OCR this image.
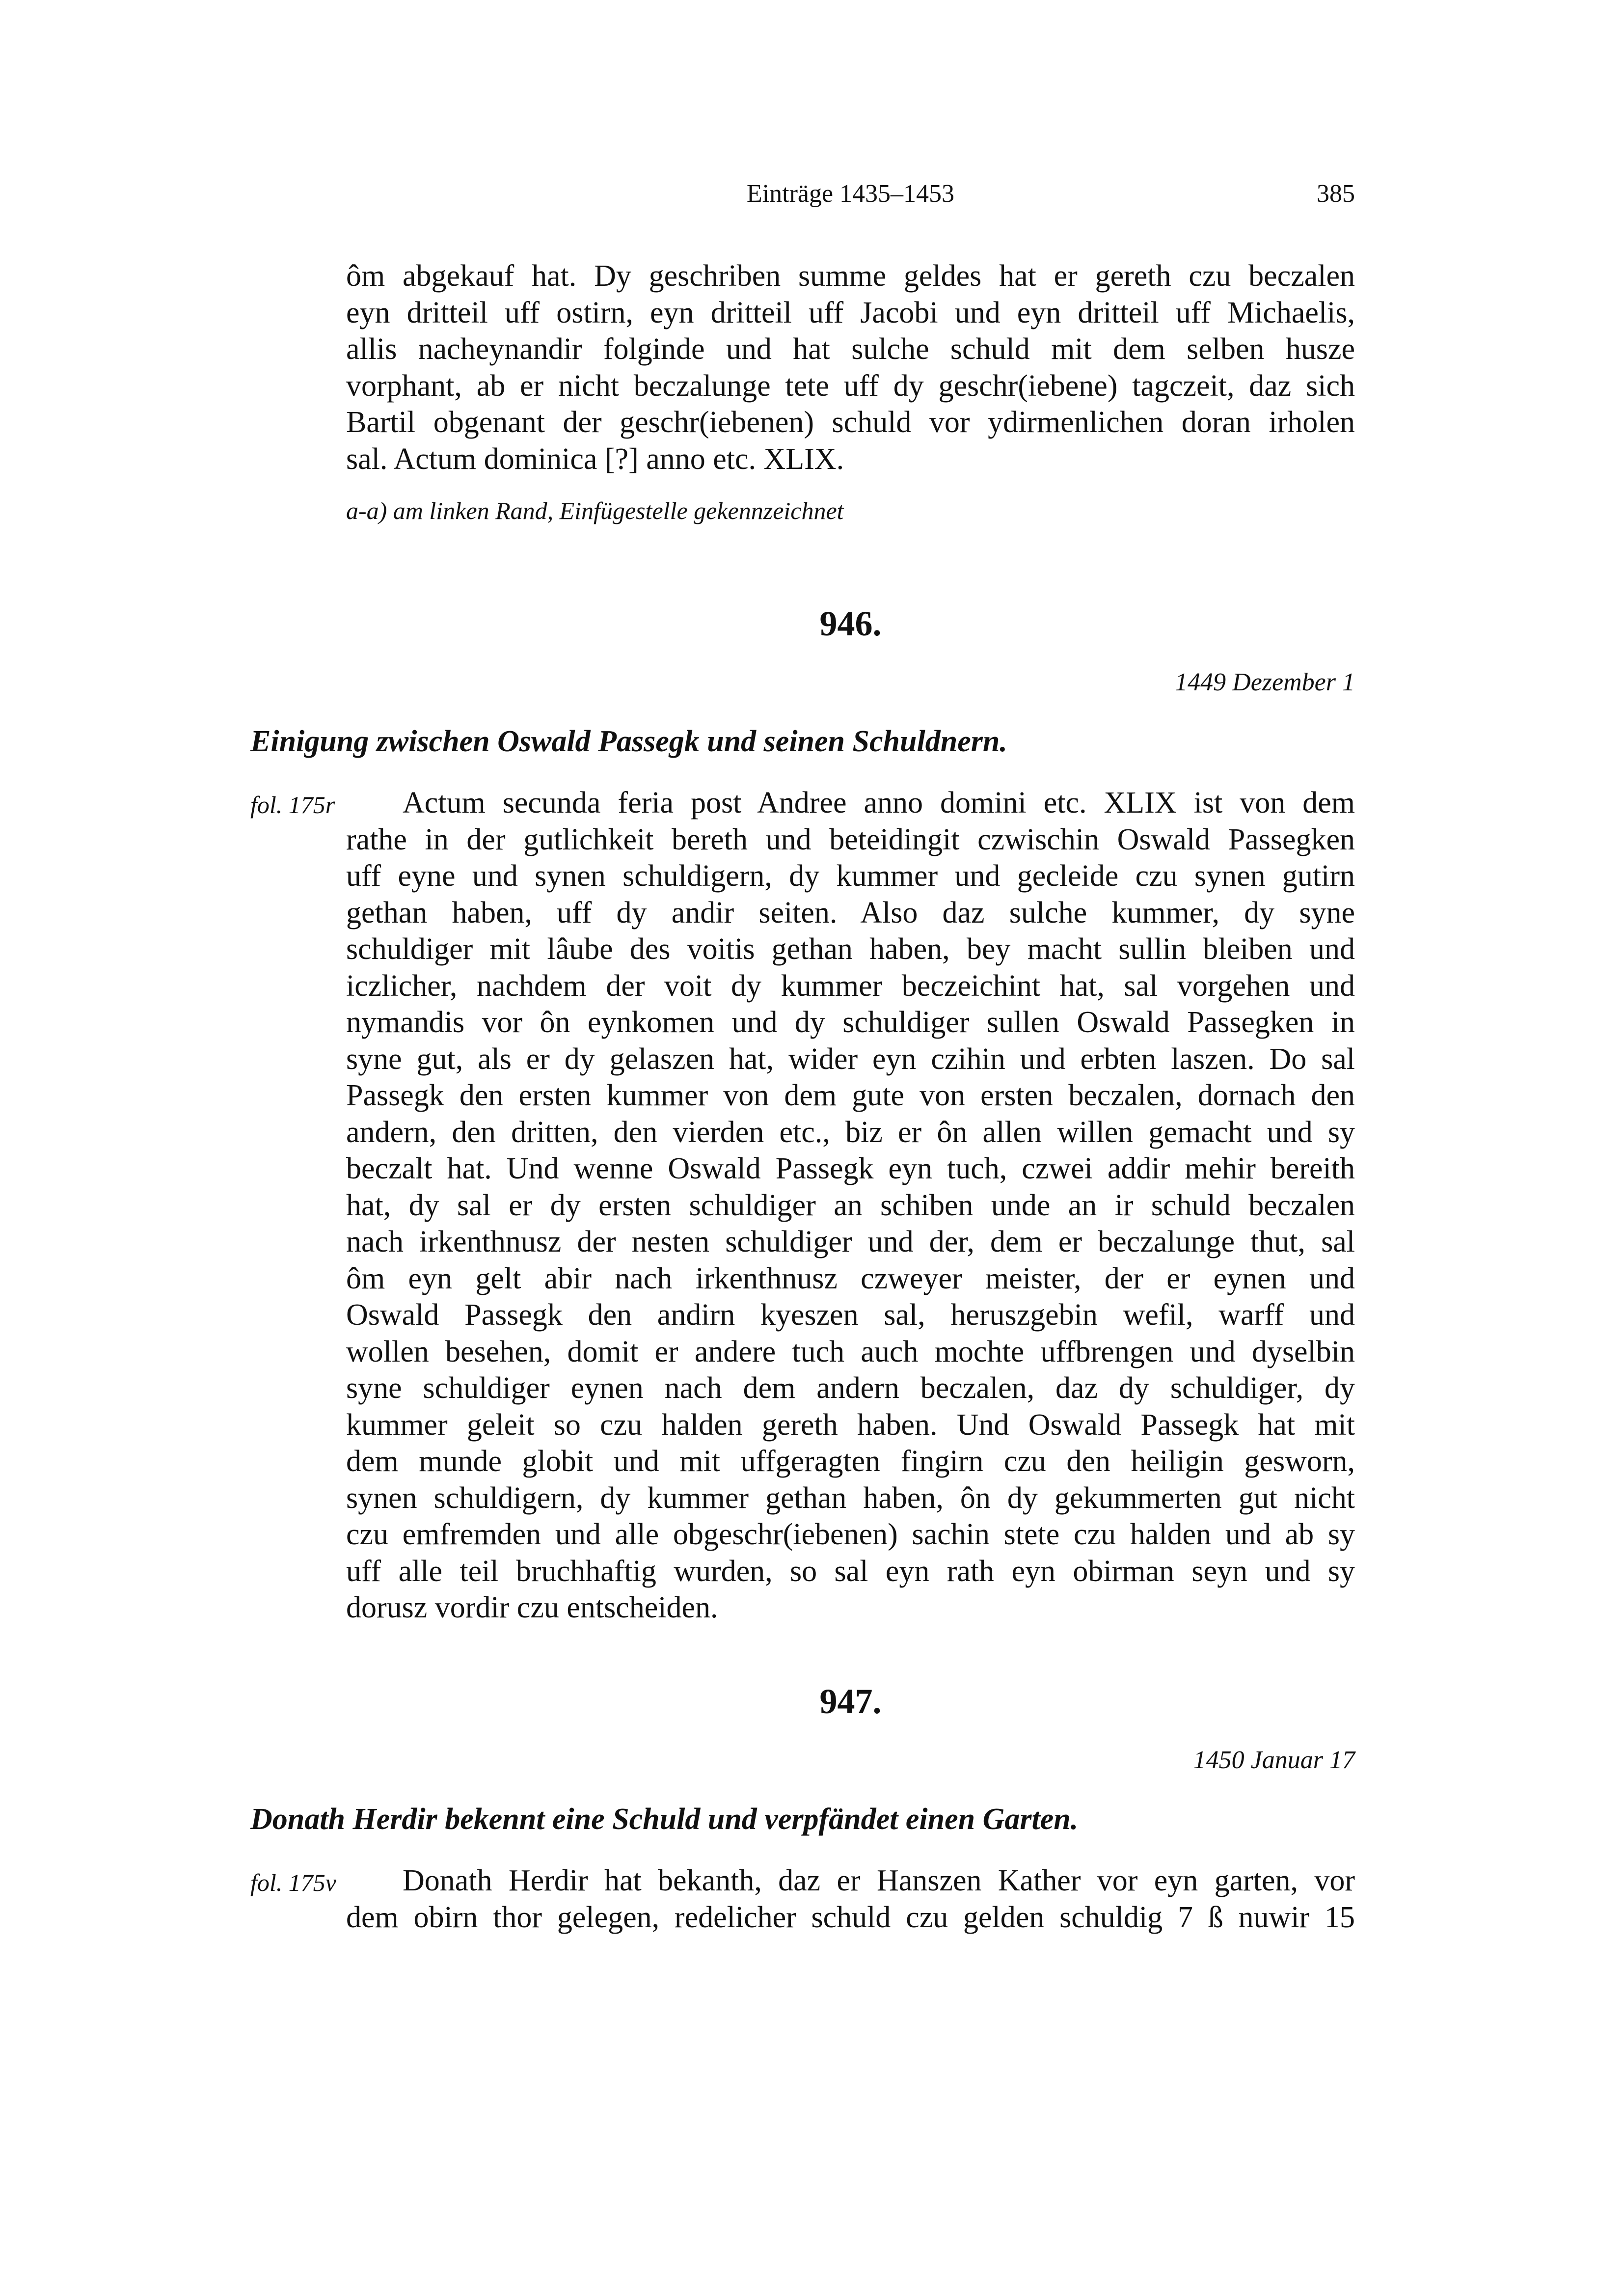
Einträge 1435–1453	385
ôm abgekauf hat. Dy geschriben summe geldes hat er gereth czu beczalen
eyn dritteil uff ostirn, eyn dritteil uff Jacobi und eyn dritteil uff Michaelis,
allis nacheynandir folginde und hat sulche schuld mit dem selben husze
vorphant, ab er nicht beczalunge tete uff dy geschr(iebene) tagczeit, daz sich
Bartil obgenant der geschr(iebenen) schuld vor ydirmenlichen doran irholen
sal. Actum dominica [?] anno etc. XLIX.
a-a) am linken Rand, Einfügestelle gekennzeichnet
946.
1449 Dezember 1
Einigung zwischen Oswald Passegk und seinen Schuldnern.
fol. 175r	Actum secunda feria post Andree anno domini etc. XLIX ist von dem
rathe in der gutlichkeit bereth und beteidingit czwischin Oswald Passegken
uff eyne und synen schuldigern, dy kummer und gecleide czu synen gutirn
gethan haben, uff dy andir seiten. Also daz sulche kummer, dy syne
schuldiger mit lâube des voitis gethan haben, bey macht sullin bleiben und
iczlicher, nachdem der voit dy kummer beczeichint hat, sal vorgehen und
nymandis vor ôn eynkomen und dy schuldiger sullen Oswald Passegken in
syne gut, als er dy gelaszen hat, wider eyn czihin und erbten laszen. Do sal
Passegk den ersten kummer von dem gute von ersten beczalen, dornach den
andern, den dritten, den vierden etc., biz er ôn allen willen gemacht und sy
beczalt hat. Und wenne Oswald Passegk eyn tuch, czwei addir mehir bereith
hat, dy sal er dy ersten schuldiger an schiben unde an ir schuld beczalen
nach irkenthnusz der nesten schuldiger und der, dem er beczalunge thut, sal
ôm eyn gelt abir nach irkenthnusz czweyer meister, der er eynen und
Oswald Passegk den andirn kyeszen sal, heruszgebin wefil, warff und
wollen besehen, domit er andere tuch auch mochte uffbrengen und dyselbin
syne schuldiger eynen nach dem andern beczalen, daz dy schuldiger, dy
kummer geleit so czu halden gereth haben. Und Oswald Passegk hat mit
dem munde globit und mit uffgeragten fingirn czu den heiligin gesworn,
synen schuldigern, dy kummer gethan haben, ôn dy gekummerten gut nicht
czu emfremden und alle obgeschr(iebenen) sachin stete czu halden und ab sy
uff alle teil bruchhaftig wurden, so sal eyn rath eyn obirman seyn und sy
dorusz vordir czu entscheiden.
947.
1450 Januar 17
Donath Herdir bekennt eine Schuld und verpfändet einen Garten.
fol. 175v	Donath Herdir hat bekanth, daz er Hanszen Kather vor eyn garten, vor
dem obirn thor gelegen, redelicher schuld czu gelden schuldig 7 ß nuwir 15
